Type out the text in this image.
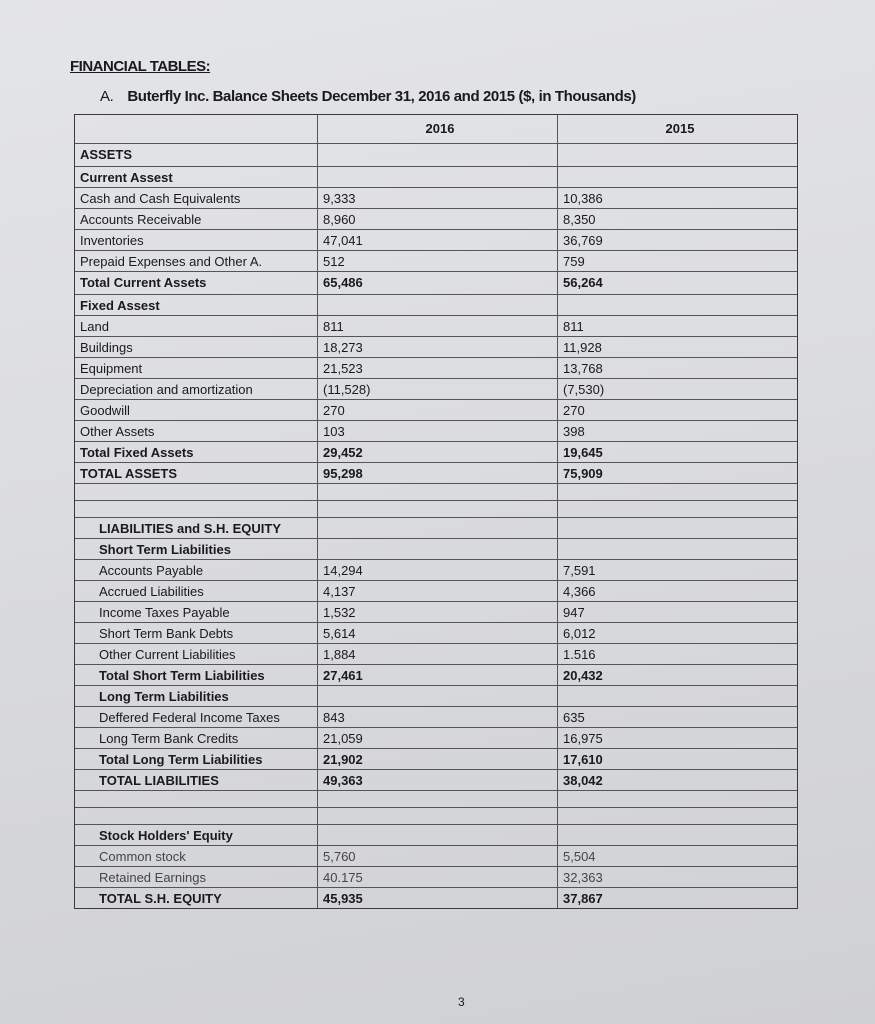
FINANCIAL TABLES:
A. Buterfly Inc. Balance Sheets December 31, 2016 and 2015 ($, in Thousands)
2016	2015
ASSETS
Current Assest
Cash and Cash Equivalents	9,333	10,386
Accounts Receivable	8,960	8,350
Inventories	47,041	36,769
Prepaid Expenses and Other A.	512	759
Total Current Assets	65,486	56,264
Fixed Assest
Land	811	811
Buildings	18,273	11,928
Equipment	21,523	13,768
Depreciation and amortization	(11,528)	(7,530)
Goodwill	270	270
Other Assets	103	398
Total Fixed Assets	29,452	19,645
TOTAL ASSETS	95,298	75,909
LIABILITIES and S.H. EQUITY
Short Term Liabilities
Accounts Payable	14,294	7,591
Accrued Liabilities	4,137	4,366
Income Taxes Payable	1,532	947
Short Term Bank Debts	5,614	6,012
Other Current Liabilities	1,884	1.516
Total Short Term Liabilities	27,461	20,432
Long Term Liabilities
Deffered Federal Income Taxes	843	635
Long Term Bank Credits	21,059	16,975
Total Long Term Liabilities	21,902	17,610
TOTAL LIABILITIES	49,363	38,042
Stock Holders' Equity
Common stock	5,760	5,504
Retained Earnings	40.175	32,363
TOTAL S.H. EQUITY	45,935	37,867
3
